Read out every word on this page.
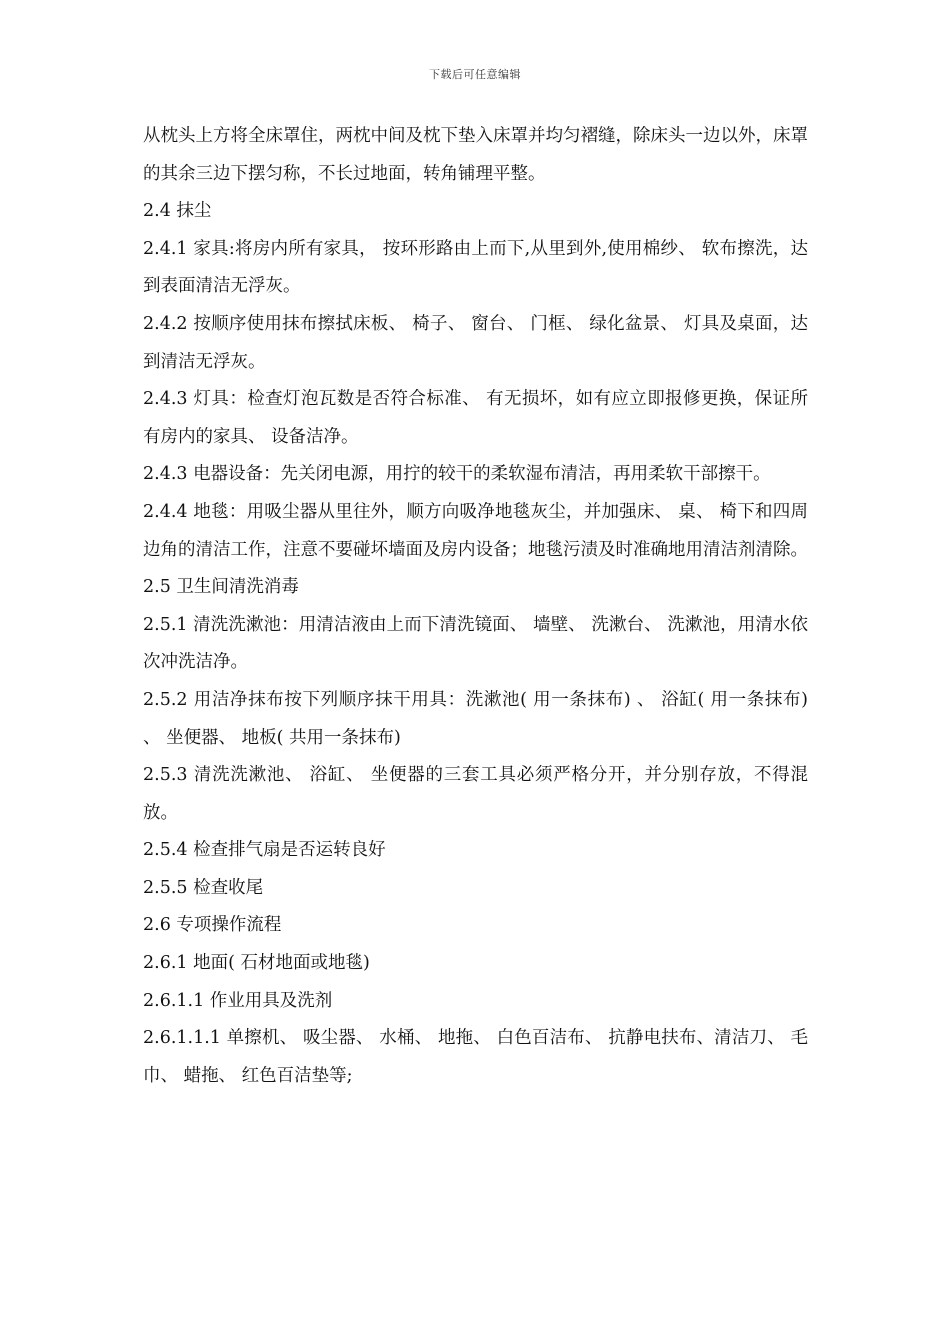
下载后可任意编辑

从枕头上方将全床罩住，两枕中间及枕下垫入床罩并均匀褶缝，除床头一边以外，床罩的其余三边下摆匀称，不长过地面，转角铺理平整。

2.4 抹尘

2.4.1 家具:将房内所有家具， 按环形路由上而下,从里到外,使用棉纱、 软布擦洗，达到表面清洁无浮灰。

2.4.2 按顺序使用抹布擦拭床板、 椅子、 窗台、 门框、 绿化盆景、 灯具及桌面，达到清洁无浮灰。

2.4.3 灯具：检查灯泡瓦数是否符合标准、 有无损坏，如有应立即报修更换，保证所有房内的家具、 设备洁净。

2.4.3 电器设备：先关闭电源，用拧的较干的柔软湿布清洁，再用柔软干部擦干。

2.4.4 地毯：用吸尘器从里往外，顺方向吸净地毯灰尘，并加强床、 桌、 椅下和四周边角的清洁工作，注意不要碰坏墙面及房内设备；地毯污渍及时准确地用清洁剂清除。

2.5 卫生间清洗消毒

2.5.1 清洗洗漱池：用清洁液由上而下清洗镜面、 墙壁、 洗漱台、 洗漱池，用清水依次冲洗洁净。

2.5.2 用洁净抹布按下列顺序抹干用具：洗漱池( 用一条抹布) 、 浴缸( 用一条抹布) 、 坐便器、 地板( 共用一条抹布)

2.5.3 清洗洗漱池、 浴缸、 坐便器的三套工具必须严格分开，并分别存放，不得混放。

2.5.4 检查排气扇是否运转良好

2.5.5 检查收尾

2.6 专项操作流程

2.6.1 地面( 石材地面或地毯)

2.6.1.1 作业用具及洗剂

2.6.1.1.1 单擦机、 吸尘器、 水桶、 地拖、 白色百洁布、 抗静电扶布、清洁刀、 毛巾、 蜡拖、 红色百洁垫等;
